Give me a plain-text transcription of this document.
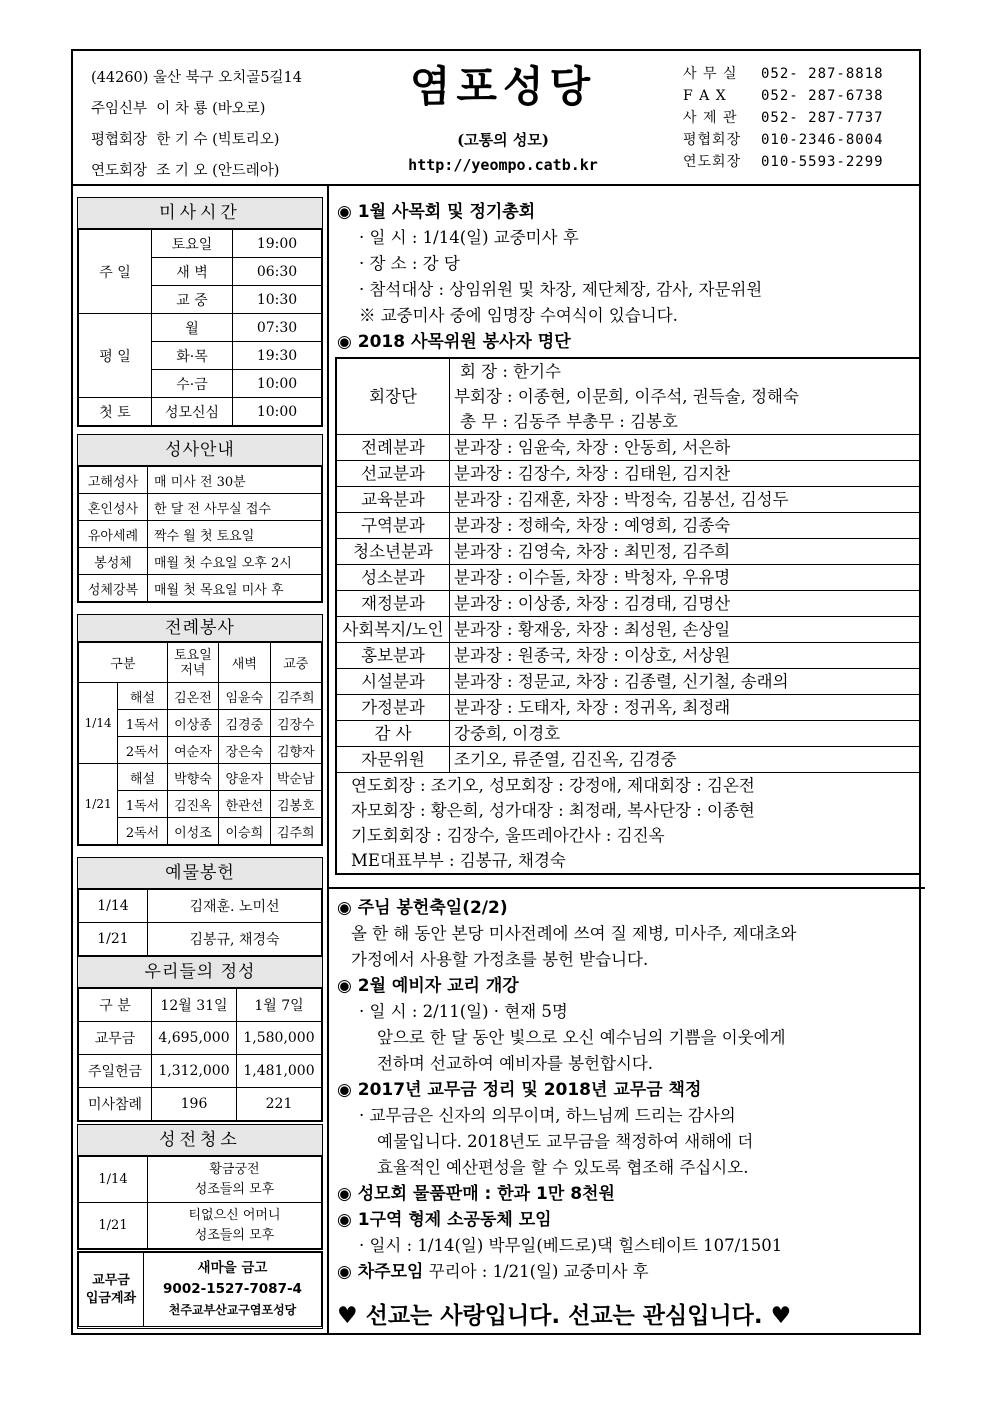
(44260) 울산 북구 오치골5길14
주임신부 이 차 룡 (바오로)
평협회장 한 기 수 (빅토리오)
연도회장 조 기 오 (안드레아)
염포성당
(고통의 성모)
http://yeompo.catb.kr
사 무 실 052- 287-8818
F A X 052- 287-6738
사 제 관 052- 287-7737
평협회장 010-2346-8004
연도회장 010-5593-2299
미사시간
주 일	토요일	19:00
	새 벽	06:30
	교 중	10:30
평 일	월	07:30
	화·목	19:30
	수·금	10:00
첫 토	성모신심	10:00
성사안내
고해성사	매 미사 전 30분
혼인성사	한 달 전 사무실 접수
유아세례	짝수 월 첫 토요일
봉성체	매월 첫 수요일 오후 2시
성체강복	매월 첫 목요일 미사 후
전례봉사
구분		토요일 저녁	새벽	교중
1/14	해설	김온전	임윤숙	김주희
	1독서	이상종	김경중	김장수
	2독서	여순자	장은숙	김향자
1/21	해설	박향숙	양윤자	박순남
	1독서	김진옥	한관선	김봉호
	2독서	이성조	이승희	김주희
예물봉헌
1/14	김재훈. 노미선
1/21	김봉규, 채경숙
우리들의 정성
구 분	12월 31일	1월 7일
교무금	4,695,000	1,580,000
주일헌금	1,312,000	1,481,000
미사참례	196	221
성전청소
1/14	황금궁전
성조들의 모후

1/21	티없으신 어머니
성조들의 모후
교무금
입금계좌	
새마을 금고
9002-1527-7087-4
천주교부산교구염포성당
◉ 1월 사목회 및 정기총회
· 일 시 : 1/14(일) 교중미사 후
· 장 소 : 강 당
· 참석대상 : 상임위원 및 차장, 제단체장, 감사, 자문위원
※ 교중미사 중에 임명장 수여식이 있습니다.
◉ 2018 사목위원 봉사자 명단
회장단	회 장 : 한기수
부회장 : 이종현, 이문희, 이주석, 권득술, 정해숙
총 무 : 김동주 부총무 : 김봉호

전례분과	분과장 : 임윤숙, 차장 : 안동희, 서은하
선교분과	분과장 : 김장수, 차장 : 김태원, 김지찬
교육분과	분과장 : 김재훈, 차장 : 박정숙, 김봉선, 김성두
구역분과	분과장 : 정해숙, 차장 : 예영희, 김종숙
청소년분과	분과장 : 김영숙, 차장 : 최민정, 김주희
성소분과	분과장 : 이수돌, 차장 : 박청자, 우유명
재정분과	분과장 : 이상종, 차장 : 김경태, 김명산
사회복지/노인	분과장 : 황재웅, 차장 : 최성원, 손상일
홍보분과	분과장 : 원종국, 차장 : 이상호, 서상원
시설분과	분과장 : 정문교, 차장 : 김종렬, 신기철, 송래의
가정분과	분과장 : 도태자, 차장 : 정귀옥, 최정래
감 사	강중희, 이경호
자문위원	조기오, 류준열, 김진옥, 김경중

연도회장 : 조기오, 성모회장 : 강정애, 제대회장 : 김온전
자모회장 : 황은희, 성가대장 : 최정래, 복사단장 : 이종현
기도회회장 : 김장수, 울뜨레아간사 : 김진옥
ME대표부부 : 김봉규, 채경숙	
◉ 주님 봉헌축일(2/2)
올 한 해 동안 본당 미사전례에 쓰여 질 제병, 미사주, 제대초와
가정에서 사용할 가정초를 봉헌 받습니다.
◉ 2월 예비자 교리 개강
· 일 시 : 2/11(일) · 현재 5명
앞으로 한 달 동안 빛으로 오신 예수님의 기쁨을 이웃에게
전하며 선교하여 예비자를 봉헌합시다.
◉ 2017년 교무금 정리 및 2018년 교무금 책정
· 교무금은 신자의 의무이며, 하느님께 드리는 감사의
예물입니다. 2018년도 교무금을 책정하여 새해에 더
효율적인 예산편성을 할 수 있도록 협조해 주십시오.
◉ 성모회 물품판매 : 한과 1만 8천원
◉ 1구역 형제 소공동체 모임
· 일시 : 1/14(일) 박무일(베드로)댁 힐스테이트 107/1501
◉ 차주모임 꾸리아 : 1/21(일) 교중미사 후
♥ 선교는 사랑입니다. 선교는 관심입니다. ♥
